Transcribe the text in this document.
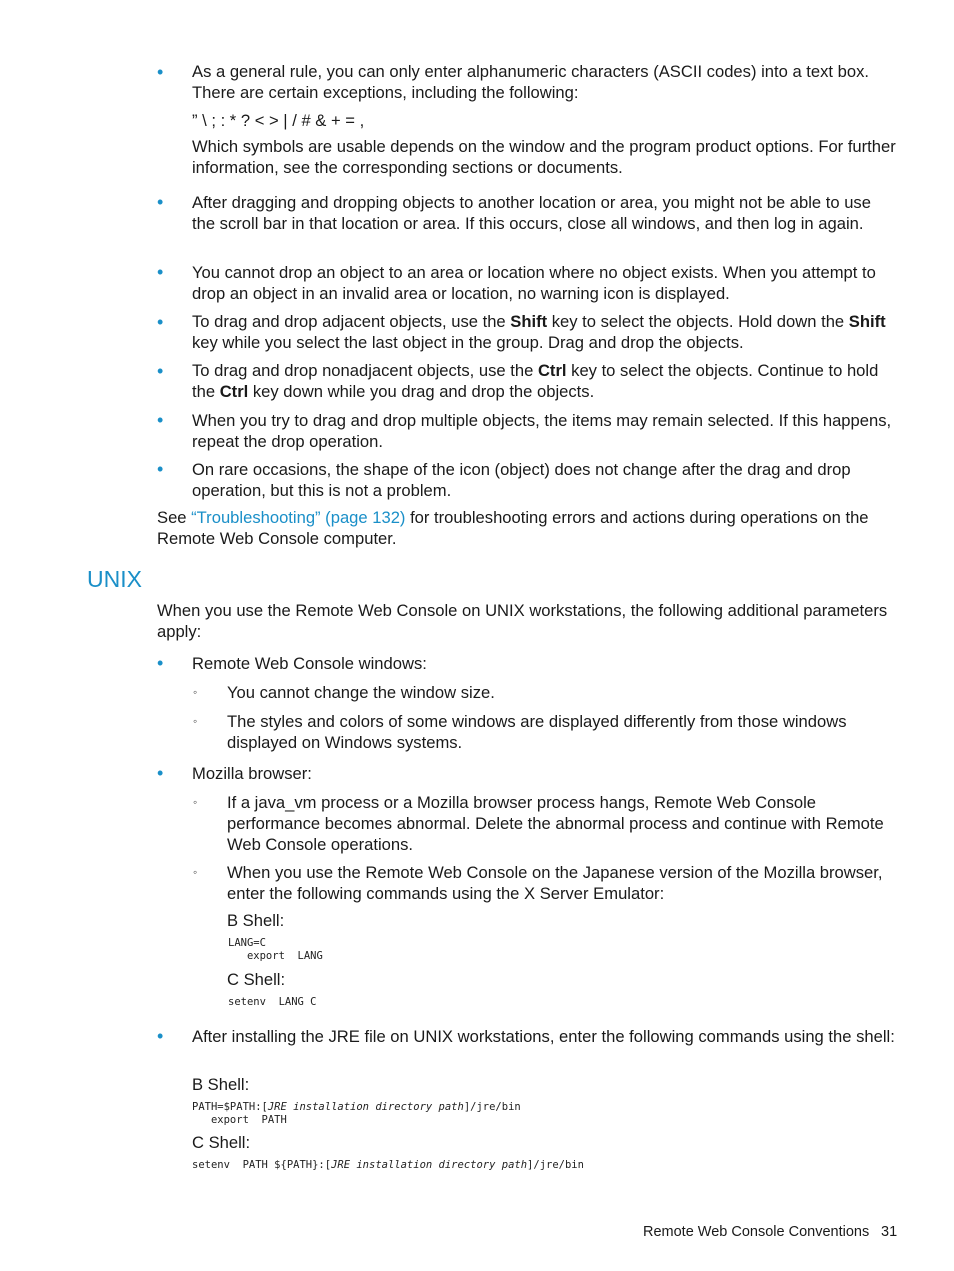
• As a general rule, you can only enter alphanumeric characters (ASCII codes) into a text box. There are certain exceptions, including the following:
” \ ; : * ? < > | / # & + = ,
Which symbols are usable depends on the window and the program product options. For further information, see the corresponding sections or documents.
• After dragging and dropping objects to another location or area, you might not be able to use the scroll bar in that location or area. If this occurs, close all windows, and then log in again.
• You cannot drop an object to an area or location where no object exists. When you attempt to drop an object in an invalid area or location, no warning icon is displayed.
• To drag and drop adjacent objects, use the Shift key to select the objects. Hold down the Shift key while you select the last object in the group. Drag and drop the objects.
• To drag and drop nonadjacent objects, use the Ctrl key to select the objects. Continue to hold the Ctrl key down while you drag and drop the objects.
• When you try to drag and drop multiple objects, the items may remain selected. If this happens, repeat the drop operation.
• On rare occasions, the shape of the icon (object) does not change after the drag and drop operation, but this is not a problem.
See “Troubleshooting” (page 132) for troubleshooting errors and actions during operations on the Remote Web Console computer.
UNIX
When you use the Remote Web Console on UNIX workstations, the following additional parameters apply:
• Remote Web Console windows:
◦ You cannot change the window size.
◦ The styles and colors of some windows are displayed differently from those windows displayed on Windows systems.
• Mozilla browser:
◦ If a java_vm process or a Mozilla browser process hangs, Remote Web Console performance becomes abnormal. Delete the abnormal process and continue with Remote Web Console operations.
◦ When you use the Remote Web Console on the Japanese version of the Mozilla browser, enter the following commands using the X Server Emulator:
B Shell:
LANG=C
export  LANG
C Shell:
setenv  LANG C
• After installing the JRE file on UNIX workstations, enter the following commands using the shell:
B Shell:
PATH=$PATH:[JRE installation directory path]/jre/bin
export  PATH
C Shell:
setenv  PATH ${PATH}:[JRE installation directory path]/jre/bin
Remote Web Console Conventions 31
